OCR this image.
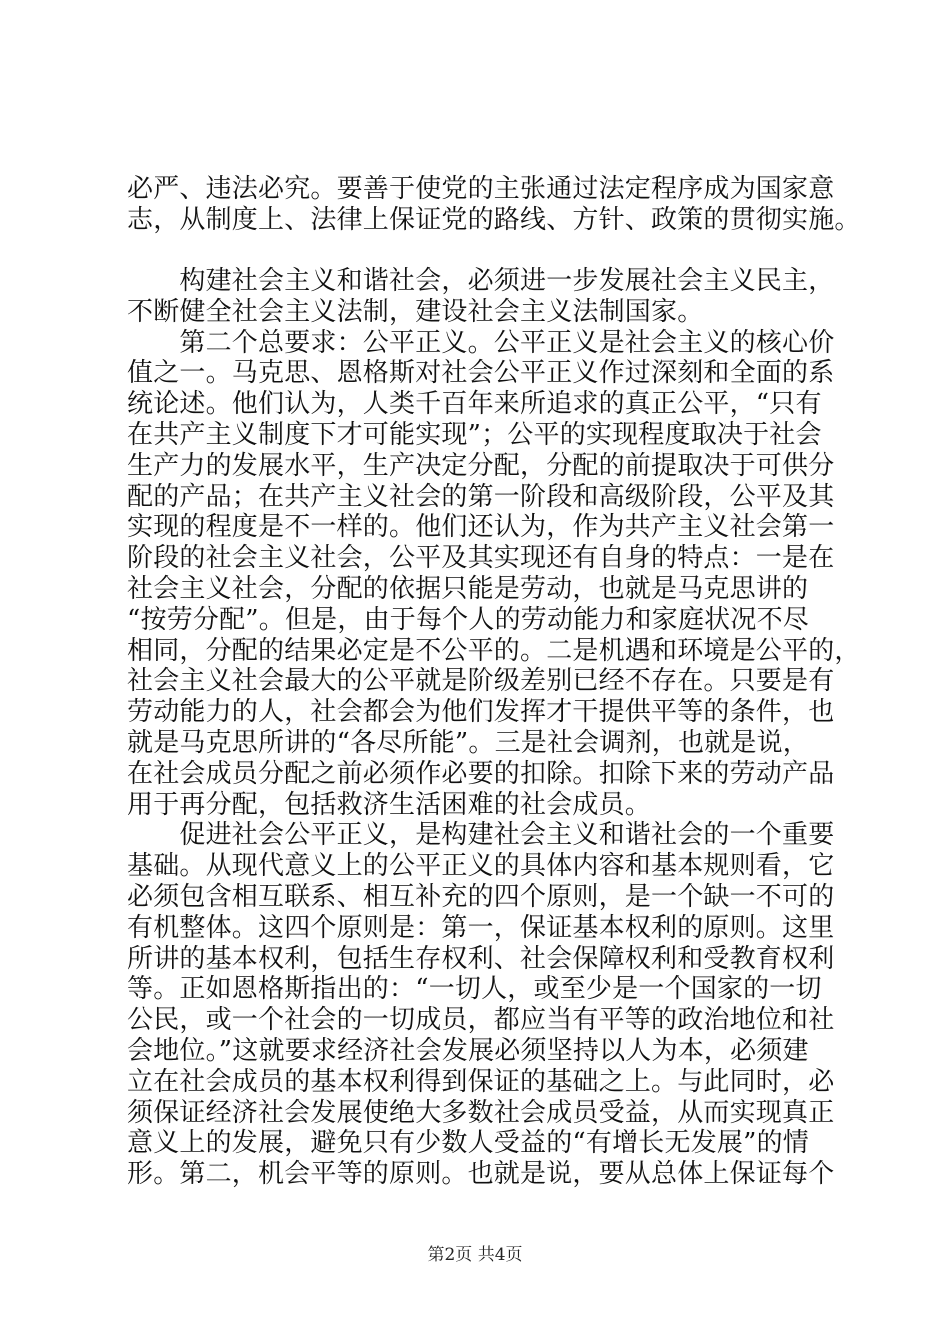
必严、违法必究。要善于使党的主张通过法定程序成为国家意
志，从制度上、法律上保证党的路线、方针、政策的贯彻实施。
　　构建社会主义和谐社会，必须进一步发展社会主义民主，
不断健全社会主义法制，建设社会主义法制国家。
　　第二个总要求：公平正义。公平正义是社会主义的核心价
值之一。马克思、恩格斯对社会公平正义作过深刻和全面的系
统论述。他们认为，人类千百年来所追求的真正公平，“只有
在共产主义制度下才可能实现”；公平的实现程度取决于社会
生产力的发展水平，生产决定分配，分配的前提取决于可供分
配的产品；在共产主义社会的第一阶段和高级阶段，公平及其
实现的程度是不一样的。他们还认为，作为共产主义社会第一
阶段的社会主义社会，公平及其实现还有自身的特点：一是在
社会主义社会，分配的依据只能是劳动，也就是马克思讲的
“按劳分配”。但是，由于每个人的劳动能力和家庭状况不尽
相同，分配的结果必定是不公平的。二是机遇和环境是公平的，
社会主义社会最大的公平就是阶级差别已经不存在。只要是有
劳动能力的人，社会都会为他们发挥才干提供平等的条件，也
就是马克思所讲的“各尽所能”。三是社会调剂，也就是说，
在社会成员分配之前必须作必要的扣除。扣除下来的劳动产品
用于再分配，包括救济生活困难的社会成员。
　　促进社会公平正义，是构建社会主义和谐社会的一个重要
基础。从现代意义上的公平正义的具体内容和基本规则看，它
必须包含相互联系、相互补充的四个原则，是一个缺一不可的
有机整体。这四个原则是：第一，保证基本权利的原则。这里
所讲的基本权利，包括生存权利、社会保障权利和受教育权利
等。正如恩格斯指出的：“一切人，或至少是一个国家的一切
公民，或一个社会的一切成员，都应当有平等的政治地位和社
会地位。”这就要求经济社会发展必须坚持以人为本，必须建
立在社会成员的基本权利得到保证的基础之上。与此同时，必
须保证经济社会发展使绝大多数社会成员受益，从而实现真正
意义上的发展，避免只有少数人受益的“有增长无发展”的情
形。第二，机会平等的原则。也就是说，要从总体上保证每个
第2页 共4页
